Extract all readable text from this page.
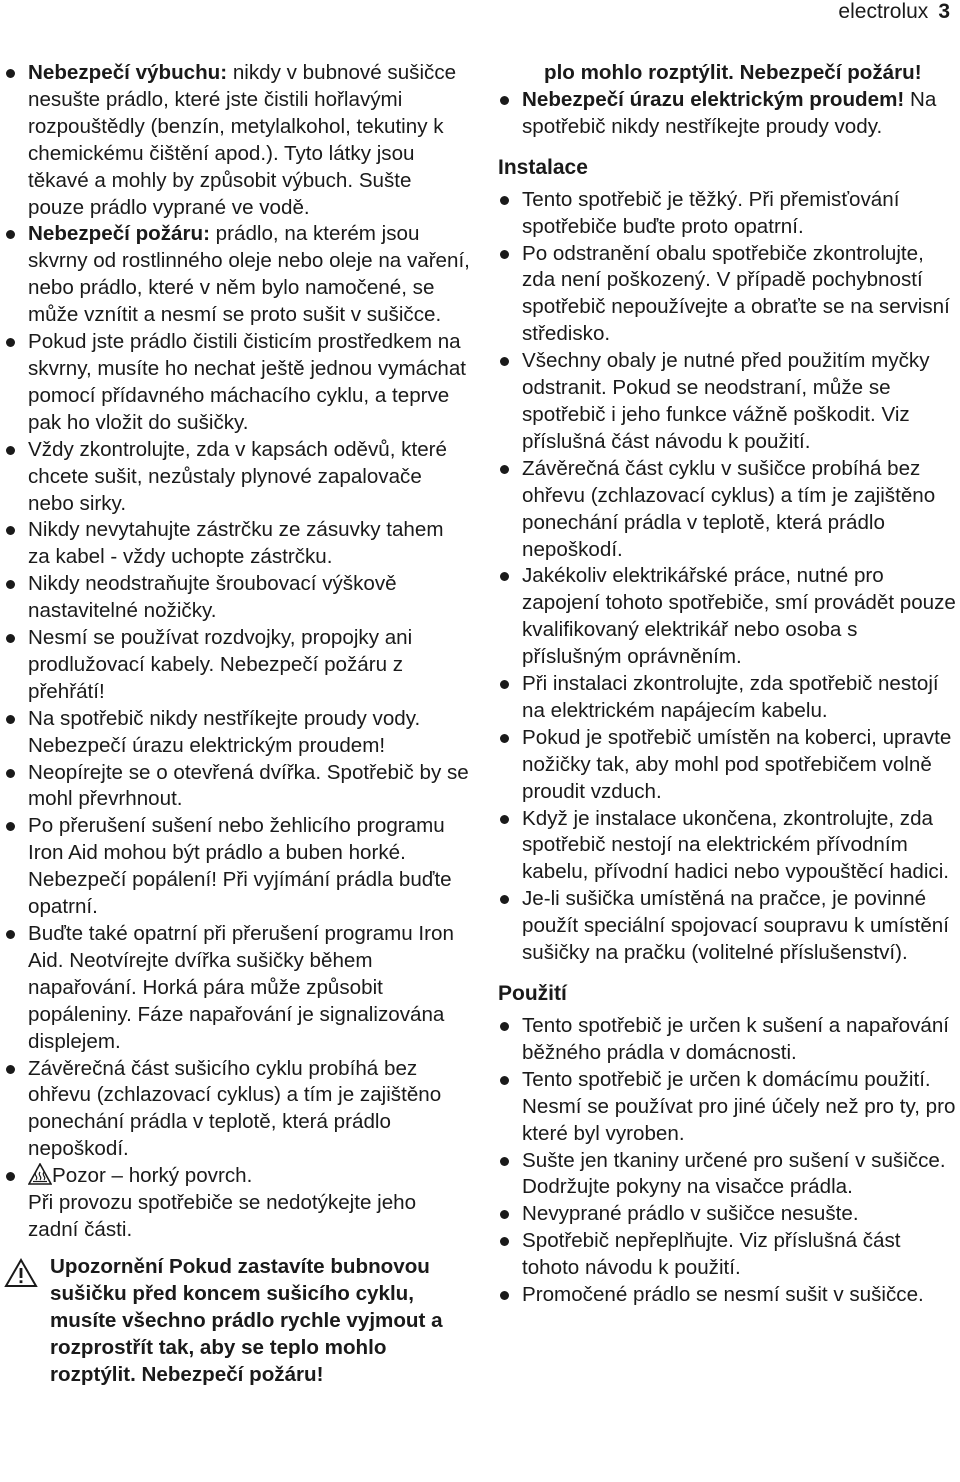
electrolux 3
Nebezpečí výbuchu: nikdy v bubnové sušičce nesušte prádlo, které jste čistili hořlavými rozpouštědly (benzín, metylalkohol, tekutiny k chemickému čištění apod.). Tyto látky jsou těkavé a mohly by způsobit výbuch. Sušte pouze prádlo vyprané ve vodě.
Nebezpečí požáru: prádlo, na kterém jsou skvrny od rostlinného oleje nebo oleje na vaření, nebo prádlo, které v něm bylo namočené, se může vznítit a nesmí se proto sušit v sušičce.
Pokud jste prádlo čistili čisticím prostředkem na skvrny, musíte ho nechat ještě jednou vymáchat pomocí přídavného máchacího cyklu, a teprve pak ho vložit do sušičky.
Vždy zkontrolujte, zda v kapsách oděvů, které chcete sušit, nezůstaly plynové zapalovače nebo sirky.
Nikdy nevytahujte zástrčku ze zásuvky tahem za kabel - vždy uchopte zástrčku.
Nikdy neodstraňujte šroubovací výškově nastavitelné nožičky.
Nesmí se používat rozdvojky, propojky ani prodlužovací kabely. Nebezpečí požáru z přehřátí!
Na spotřebič nikdy nestříkejte proudy vody. Nebezpečí úrazu elektrickým proudem!
Neopírejte se o otevřená dvířka. Spotřebič by se mohl převrhnout.
Po přerušení sušení nebo žehlicího programu Iron Aid mohou být prádlo a buben horké. Nebezpečí popálení! Při vyjímání prádla buďte opatrní.
Buďte také opatrní při přerušení programu Iron Aid. Neotvírejte dvířka sušičky během napařování. Horká pára může způsobit popáleniny. Fáze napařování je signalizována displejem.
Závěrečná část sušicího cyklu probíhá bez ohřevu (zchlazovací cyklus) a tím je zajištěno ponechání prádla v teplotě, která prádlo nepoškodí.
Pozor – horký povrch.
Při provozu spotřebiče se nedotýkejte jeho zadní části.
Upozornění Pokud zastavíte bubnovou sušičku před koncem sušicího cyklu, musíte všechno prádlo rychle vyjmout a rozprostřít tak, aby se teplo mohlo rozptýlit. Nebezpečí požáru!
plo mohlo rozptýlit. Nebezpečí požáru!
Nebezpečí úrazu elektrickým proudem! Na spotřebič nikdy nestříkejte proudy vody.
Instalace
Tento spotřebič je těžký. Při přemisťování spotřebiče buďte proto opatrní.
Po odstranění obalu spotřebiče zkontrolujte, zda není poškozený. V případě pochybností spotřebič nepoužívejte a obraťte se na servisní středisko.
Všechny obaly je nutné před použitím myčky odstranit. Pokud se neodstraní, může se spotřebič i jeho funkce vážně poškodit. Viz příslušná část návodu k použití.
Závěrečná část cyklu v sušičce probíhá bez ohřevu (zchlazovací cyklus) a tím je zajištěno ponechání prádla v teplotě, která prádlo nepoškodí.
Jakékoliv elektrikářské práce, nutné pro zapojení tohoto spotřebiče, smí provádět pouze kvalifikovaný elektrikář nebo osoba s příslušným oprávněním.
Při instalaci zkontrolujte, zda spotřebič nestojí na elektrickém napájecím kabelu.
Pokud je spotřebič umístěn na koberci, upravte nožičky tak, aby mohl pod spotřebičem volně proudit vzduch.
Když je instalace ukončena, zkontrolujte, zda spotřebič nestojí na elektrickém přívodním kabelu, přívodní hadici nebo vypouštěcí hadici.
Je-li sušička umístěná na pračce, je povinné použít speciální spojovací soupravu k umístění sušičky na pračku (volitelné příslušenství).
Použití
Tento spotřebič je určen k sušení a napařování běžného prádla v domácnosti.
Tento spotřebič je určen k domácímu použití. Nesmí se používat pro jiné účely než pro ty, pro které byl vyroben.
Sušte jen tkaniny určené pro sušení v sušičce. Dodržujte pokyny na visačce prádla.
Nevyprané prádlo v sušičce nesušte.
Spotřebič nepřeplňujte. Viz příslušná část tohoto návodu k použití.
Promočené prádlo se nesmí sušit v sušičce.
